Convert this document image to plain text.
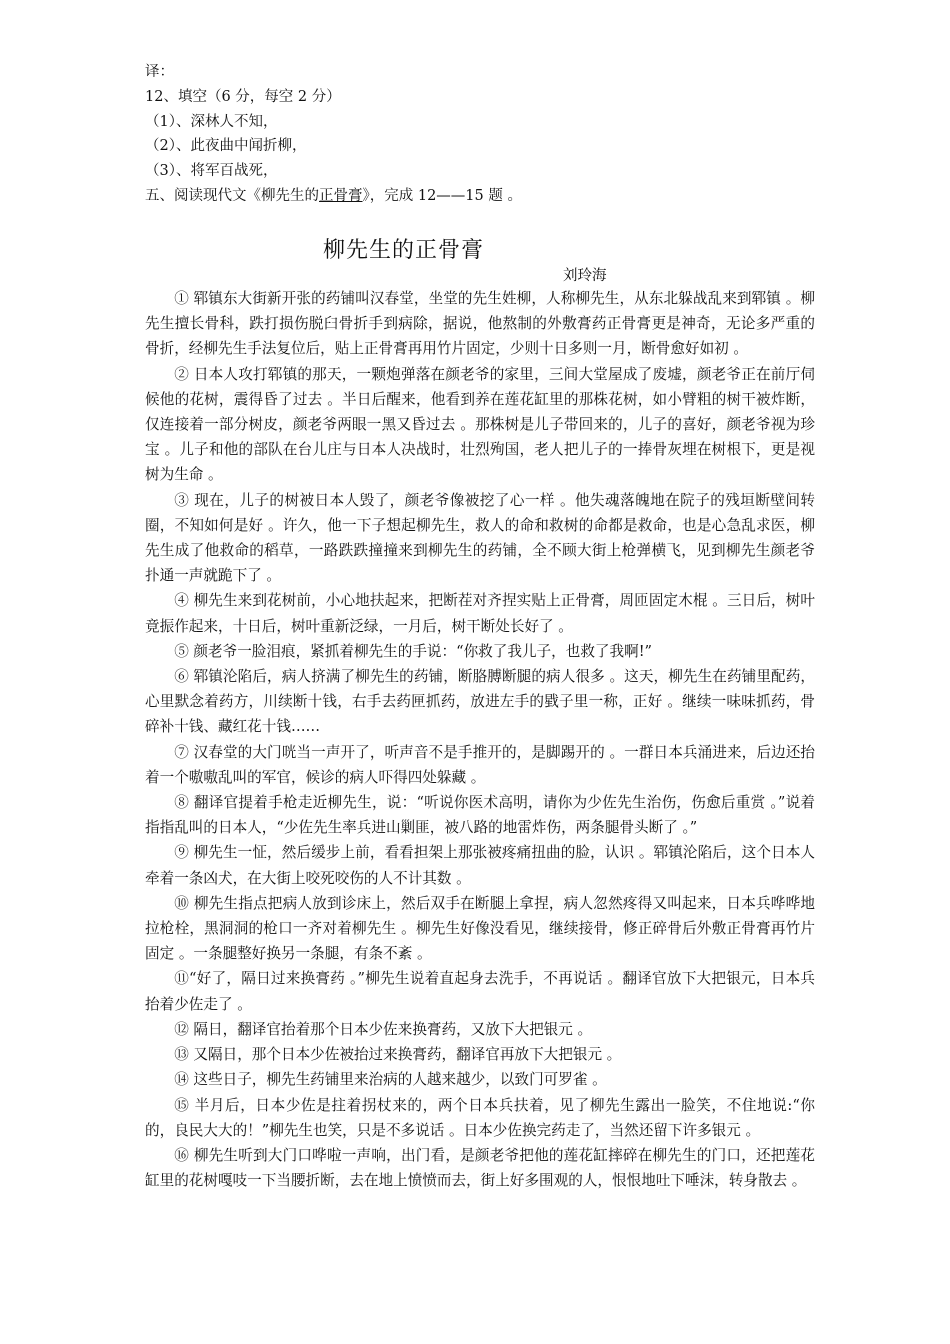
译：
12、填空（6 分，每空 2 分）
（1）、深林人不知，
（2）、此夜曲中闻折柳，
（3）、将军百战死，
五、阅读现代文《柳先生的正骨膏》，完成 12——15 题 。
柳先生的正骨膏
刘玲海

① 郓镇东大街新开张的药铺叫汉春堂，坐堂的先生姓柳，人称柳先生，从东北躲战乱来到郓镇 。柳先生擅长骨科，跌打损伤脱臼骨折手到病除，据说，他熬制的外敷膏药正骨膏更是神奇，无论多严重的骨折，经柳先生手法复位后，贴上正骨膏再用竹片固定，少则十日多则一月，断骨愈好如初 。

② 日本人攻打郓镇的那天，一颗炮弹落在颜老爷的家里，三间大堂屋成了废墟，颜老爷正在前厅伺候他的花树，震得昏了过去 。半日后醒来，他看到养在莲花缸里的那株花树，如小臂粗的树干被炸断，仅连接着一部分树皮，颜老爷两眼一黑又昏过去 。那株树是儿子带回来的，儿子的喜好，颜老爷视为珍宝 。儿子和他的部队在台儿庄与日本人决战时，壮烈殉国，老人把儿子的一捧骨灰埋在树根下，更是视树为生命 。

③ 现在，儿子的树被日本人毁了，颜老爷像被挖了心一样 。他失魂落魄地在院子的残垣断壁间转圈，不知如何是好 。许久，他一下子想起柳先生，救人的命和救树的命都是救命，也是心急乱求医，柳先生成了他救命的稻草，一路跌跌撞撞来到柳先生的药铺，全不顾大街上枪弹横飞，见到柳先生颜老爷扑通一声就跪下了 。

④ 柳先生来到花树前，小心地扶起来，把断茬对齐捏实贴上正骨膏，周匝固定木棍 。三日后，树叶竟振作起来，十日后，树叶重新泛绿，一月后，树干断处长好了 。

⑤ 颜老爷一脸泪痕，紧抓着柳先生的手说：“你救了我儿子，也救了我啊!”

⑥ 郓镇沦陷后，病人挤满了柳先生的药铺，断胳膊断腿的病人很多 。这天，柳先生在药铺里配药，心里默念着药方，川续断十钱，右手去药匣抓药，放进左手的戥子里一称，正好 。继续一味味抓药，骨碎补十钱、藏红花十钱……

⑦ 汉春堂的大门咣当一声开了，听声音不是手推开的，是脚踢开的 。一群日本兵涌进来，后边还抬着一个嗷嗷乱叫的军官，候诊的病人吓得四处躲藏 。

⑧ 翻译官提着手枪走近柳先生，说：“听说你医术高明，请你为少佐先生治伤，伤愈后重赏 。”说着指指乱叫的日本人，“少佐先生率兵进山剿匪，被八路的地雷炸伤，两条腿骨头断了 。”

⑨ 柳先生一怔，然后缓步上前，看看担架上那张被疼痛扭曲的脸，认识 。郓镇沦陷后，这个日本人牵着一条凶犬，在大街上咬死咬伤的人不计其数 。

⑩ 柳先生指点把病人放到诊床上，然后双手在断腿上拿捏，病人忽然疼得又叫起来，日本兵哗哗地拉枪栓，黑洞洞的枪口一齐对着柳先生 。柳先生好像没看见，继续接骨，修正碎骨后外敷正骨膏再竹片固定 。一条腿整好换另一条腿，有条不紊 。

⑪“好了，隔日过来换膏药 。”柳先生说着直起身去洗手，不再说话 。翻译官放下大把银元，日本兵抬着少佐走了 。

⑫ 隔日，翻译官抬着那个日本少佐来换膏药，又放下大把银元 。

⑬ 又隔日，那个日本少佐被抬过来换膏药，翻译官再放下大把银元 。

⑭ 这些日子，柳先生药铺里来治病的人越来越少，以致门可罗雀 。

⑮ 半月后，日本少佐是拄着拐杖来的，两个日本兵扶着，见了柳先生露出一脸笑，不住地说:“你的，良民大大的！”柳先生也笑，只是不多说话 。日本少佐换完药走了，当然还留下许多银元 。

⑯ 柳先生听到大门口哗啦一声响，出门看，是颜老爷把他的莲花缸摔碎在柳先生的门口，还把莲花缸里的花树嘎吱一下当腰折断，去在地上愤愤而去，街上好多围观的人，恨恨地吐下唾沫，转身散去 。
